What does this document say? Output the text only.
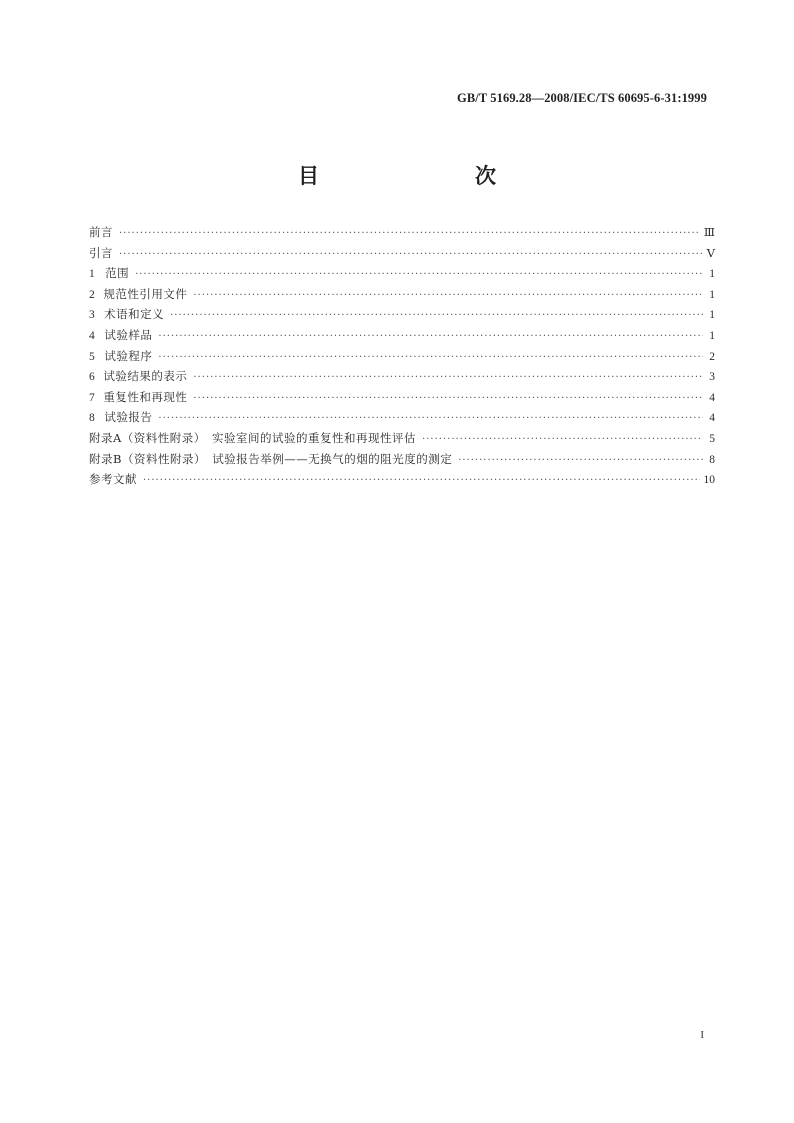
GB/T 5169.28—2008/IEC/TS 60695-6-31:1999
目　　次
前言 ·····	Ⅲ
引言 ·····	Ⅴ
1 范围 ·····	1
2 规范性引用文件 ·····	1
3 术语和定义 ·····	1
4 试验样品 ·····	1
5 试验程序 ·····	2
6 试验结果的表示 ·····	3
7 重复性和再现性 ·····	4
8 试验报告 ·····	4
附录A（资料性附录）　实验室间的试验的重复性和再现性评估 ·····	5
附录B（资料性附录）　试验报告举例——无换气的烟的阻光度的测定 ·····	8
参考文献 ·····	10
I
